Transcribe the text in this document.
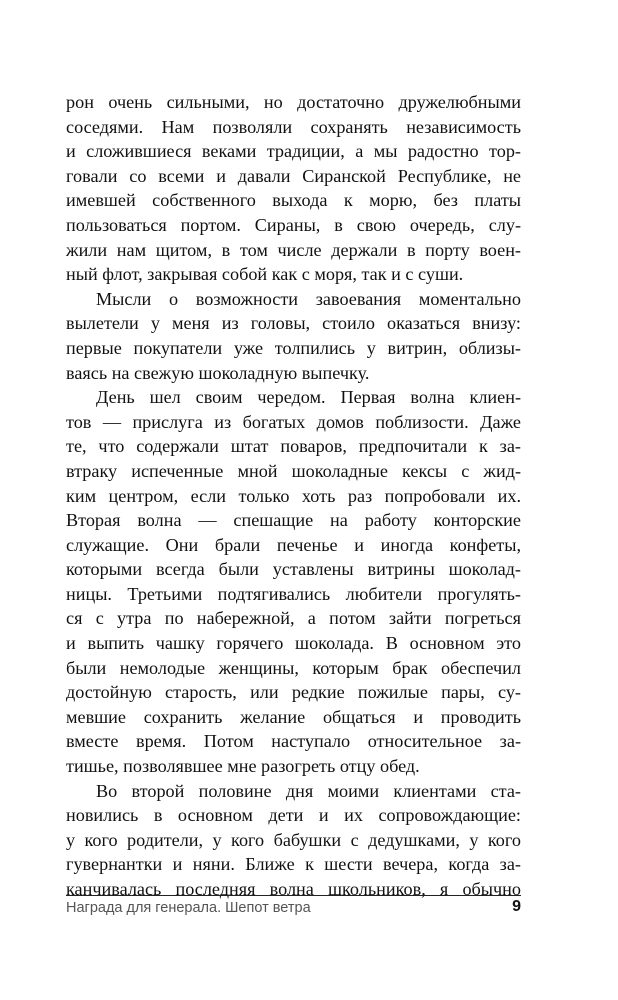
рон очень сильными, но достаточно дружелюбными
соседями. Нам позволяли сохранять независимость
и сложившиеся веками традиции, а мы радостно тор-
говали со всеми и давали Сиранской Республике, не
имевшей собственного выхода к морю, без платы
пользоваться портом. Сираны, в свою очередь, слу-
жили нам щитом, в том числе держали в порту воен-
ный флот, закрывая собой как с моря, так и с суши.
Мысли о возможности завоевания моментально
вылетели у меня из головы, стоило оказаться внизу:
первые покупатели уже толпились у витрин, облизы-
ваясь на свежую шоколадную выпечку.
День шел своим чередом. Первая волна клиен-
тов — прислуга из богатых домов поблизости. Даже
те, что содержали штат поваров, предпочитали к за-
втраку испеченные мной шоколадные кексы с жид-
ким центром, если только хоть раз попробовали их.
Вторая волна — спешащие на работу конторские
служащие. Они брали печенье и иногда конфеты,
которыми всегда были уставлены витрины шоколад-
ницы. Третьими подтягивались любители прогулять-
ся с утра по набережной, а потом зайти погреться
и выпить чашку горячего шоколада. В основном это
были немолодые женщины, которым брак обеспечил
достойную старость, или редкие пожилые пары, су-
мевшие сохранить желание общаться и проводить
вместе время. Потом наступало относительное за-
тишье, позволявшее мне разогреть отцу обед.
Во второй половине дня моими клиентами ста-
новились в основном дети и их сопровождающие:
у кого родители, у кого бабушки с дедушками, у кого
гувернантки и няни. Ближе к шести вечера, когда за-
канчивалась последняя волна школьников, я обычно
Награда для генерала. Шепот ветра	9
